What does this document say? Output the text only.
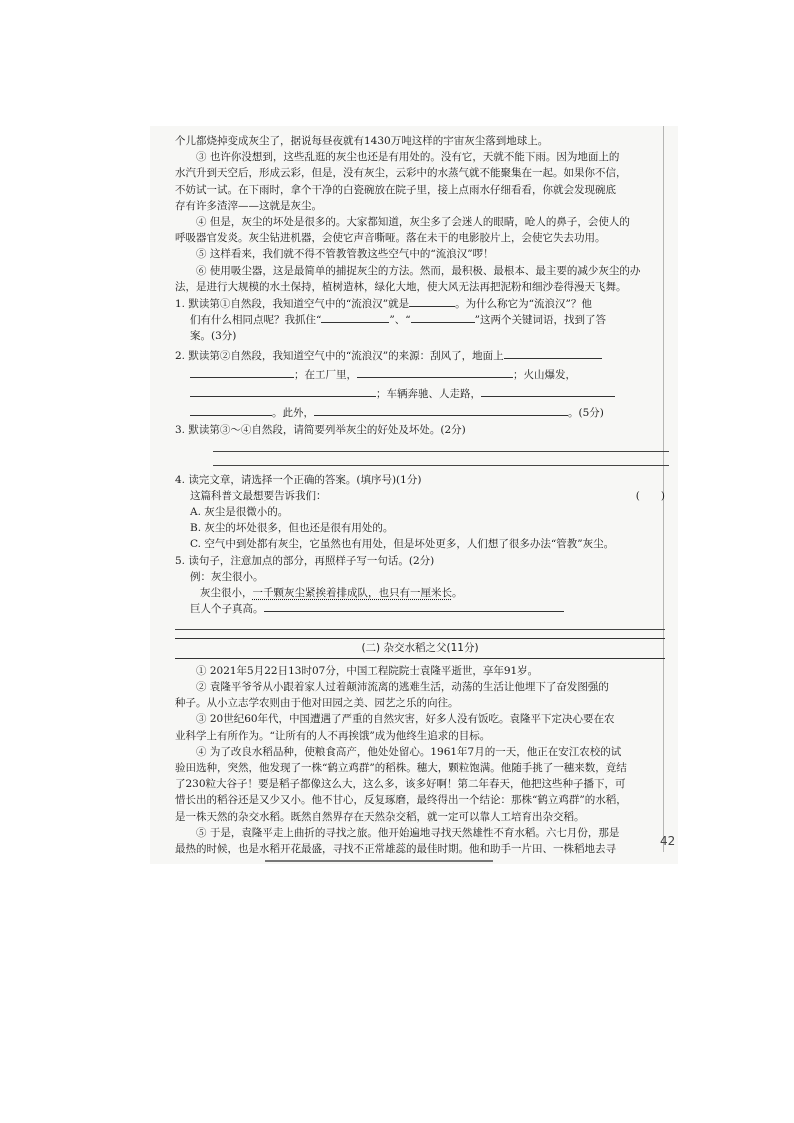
个儿都烧掉变成灰尘了，据说每昼夜就有1430万吨这样的宇宙灰尘落到地球上。

③ 也许你没想到，这些乱逛的灰尘也还是有用处的。没有它，天就不能下雨。因为地面上的

水汽升到天空后，形成云彩，但是，没有灰尘，云彩中的水蒸气就不能聚集在一起。如果你不信，

不妨试一试。在下雨时，拿个干净的白瓷碗放在院子里，接上点雨水仔细看看，你就会发现碗底

存有许多渣滓——这就是灰尘。

④ 但是，灰尘的坏处是很多的。大家都知道，灰尘多了会迷人的眼睛，呛人的鼻子，会使人的

呼吸器官发炎。灰尘钻进机器，会使它声音嘶哑。落在未干的电影胶片上，会使它失去功用。

⑤ 这样看来，我们就不得不管教管教这些空气中的“流浪汉”啰！

⑥ 使用吸尘器，这是最简单的捕捉灰尘的方法。然而，最积极、最根本、最主要的减少灰尘的办

法，是进行大规模的水土保持，植树造林，绿化大地，使大风无法再把泥粉和细沙卷得漫天飞舞。

1. 默读第①自然段，我知道空气中的“流浪汉”就是	。为什么称它为“流浪汉”？他

们有什么相同点呢？我抓住“	”、“	”这两个关键词语，找到了答

案。(3分)

2. 默读第②自然段，我知道空气中的“流浪汉”的来源：刮风了，地面上

；在工厂里，	；火山爆发，

；车辆奔驰、人走路，

。此外，	。(5分)

3. 默读第③～④自然段，请简要列举灰尘的好处及坏处。(2分)

4. 读完文章，请选择一个正确的答案。(填序号)(1分)

这篇科普文最想要告诉我们：	(　　)

A. 灰尘是很微小的。

B. 灰尘的坏处很多，但也还是很有用处的。

C. 空气中到处都有灰尘，它虽然也有用处，但是坏处更多，人们想了很多办法“管教”灰尘。

5. 读句子，注意加点的部分，再照样子写一句话。(2分)

例：灰尘很小。

灰尘很小，一千颗灰尘紧挨着排成队，也只有一厘米长。

巨人个子真高。

(二) 杂交水稻之父(11分)

① 2021年5月22日13时07分，中国工程院院士袁隆平逝世，享年91岁。

② 袁隆平爷爷从小跟着家人过着颠沛流离的逃难生活，动荡的生活让他埋下了奋发图强的

种子。从小立志学农则由于他对田园之美、园艺之乐的向往。

③ 20世纪60年代，中国遭遇了严重的自然灾害，好多人没有饭吃。袁隆平下定决心要在农

业科学上有所作为。“让所有的人不再挨饿”成为他终生追求的目标。

④ 为了改良水稻品种，使粮食高产，他处处留心。1961年7月的一天，他正在安江农校的试

验田选种，突然，他发现了一株“鹤立鸡群”的稻株。穗大，颗粒饱满。他随手挑了一穗来数，竟结

了230粒大谷子！要是稻子都像这么大，这么多，该多好啊！第二年春天，他把这些种子播下，可

惜长出的稻谷还是又少又小。他不甘心，反复琢磨，最终得出一个结论：那株“鹤立鸡群”的水稻，

是一株天然的杂交水稻。既然自然界存在天然杂交稻，就一定可以靠人工培育出杂交稻。

⑤ 于是，袁隆平走上曲折的寻找之旅。他开始遍地寻找天然雄性不育水稻。六七月份，那是

最热的时候，也是水稻开花最盛，寻找不正常雄蕊的最佳时期。他和助手一片田、一株稻地去寻

42
